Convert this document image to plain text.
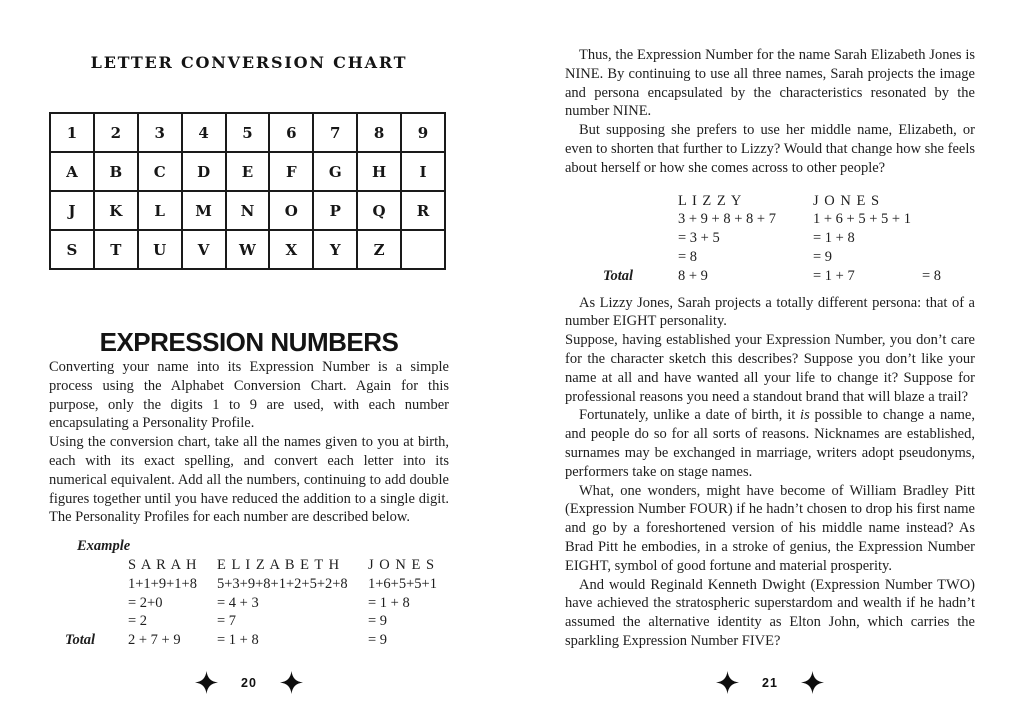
LETTER CONVERSION CHART
1	2	3	4	5	6	7	8	9
A	B	C	D	E	F	G	H	I
J	K	L	M	N	O	P	Q	R
S	T	U	V	W	X	Y	Z	
EXPRESSION NUMBERS

Converting your name into its Expression Number is a simple process using the Alphabet Conversion Chart. Again for this purpose, only the digits 1 to 9 are used, with each number encapsulating a Personality Profile.

Using the conversion chart, take all the names given to you at birth, each with its exact spelling, and convert each letter into its numerical equivalent. Add all the numbers, continuing to add double figures together until you have reduced the addition to a single digit. The Personality Profiles for each number are described below.

Example
S A R A H	E L I Z A B E T H	J O N E S
1+1+9+1+8	5+3+9+8+1+2+5+2+8	1+6+5+5+1
= 2+0	= 4 + 3	= 1 + 8
= 2	= 7	= 9
Total	2 + 7 + 9	= 1 + 8	= 9
20

Thus, the Expression Number for the name Sarah Elizabeth Jones is NINE. By continuing to use all three names, Sarah projects the image and persona encapsulated by the characteristics resonated by the number NINE.

But supposing she prefers to use her middle name, Elizabeth, or even to shorten that further to Lizzy? Would that change how she feels about herself or how she comes across to other people?

L I Z Z Y	J O N E S
3 + 9 + 8 + 8 + 7	1 + 6 + 5 + 5 + 1
= 3 + 5	= 1 + 8
= 8	= 9
Total	8 + 9	= 1 + 7	= 8

As Lizzy Jones, Sarah projects a totally different persona: that of a number EIGHT personality.

Suppose, having established your Expression Number, you don’t care for the character sketch this describes? Suppose you don’t like your name at all and have wanted all your life to change it? Suppose for professional reasons you need a standout brand that will blaze a trail?

Fortunately, unlike a date of birth, it is possible to change a name, and people do so for all sorts of reasons. Nicknames are established, surnames may be exchanged in marriage, writers adopt pseudonyms, performers take on stage names.

What, one wonders, might have become of William Bradley Pitt (Expression Number FOUR) if he hadn’t chosen to drop his first name and go by a foreshortened version of his middle name instead? As Brad Pitt he embodies, in a stroke of genius, the Expression Number EIGHT, symbol of good fortune and material prosperity.

And would Reginald Kenneth Dwight (Expression Number TWO) have achieved the stratospheric superstardom and wealth if he hadn’t assumed the alternative identity as Elton John, which carries the sparkling Expression Number FIVE?

21
